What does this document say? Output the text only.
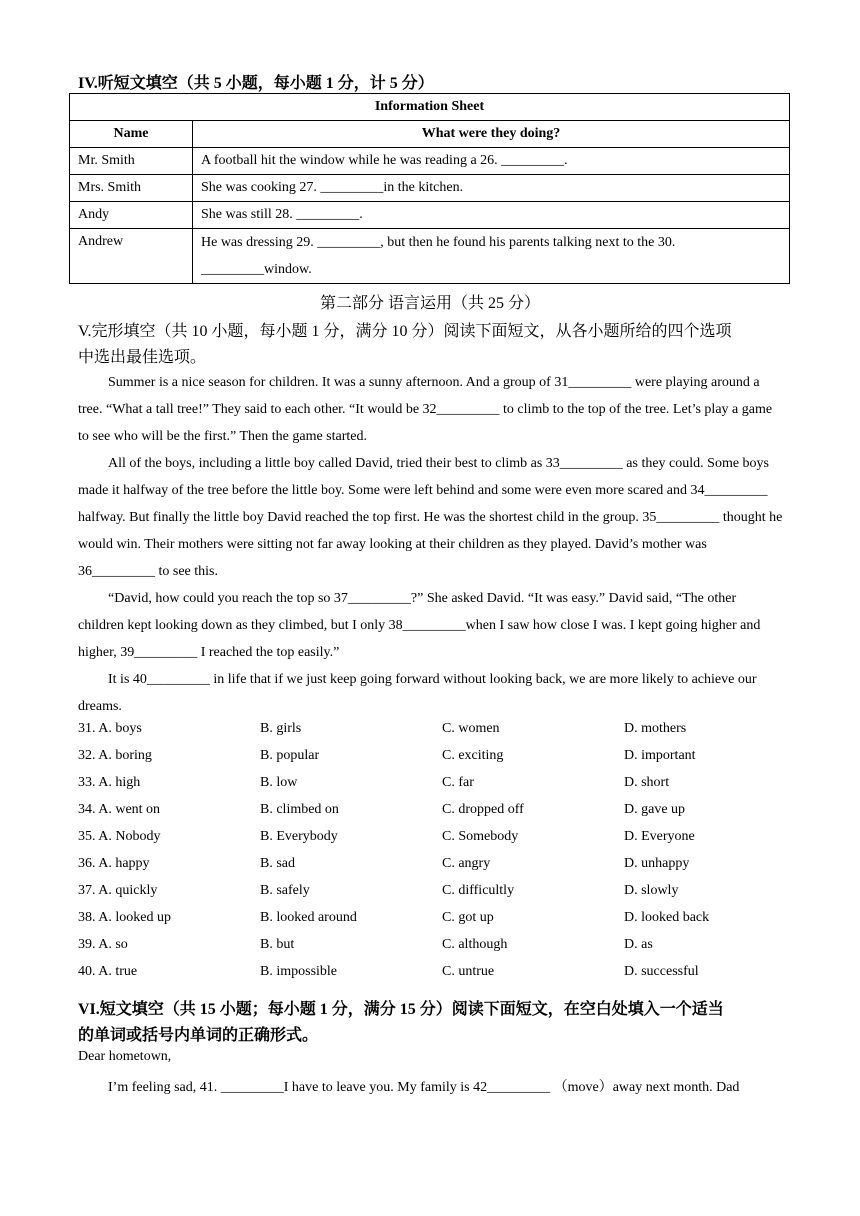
IV.听短文填空（共 5 小题，每小题 1 分，计 5 分）
Information Sheet	
Name	What were they doing?
Mr. Smith	A football hit the window while he was reading a 26. _________.
Mrs. Smith	She was cooking 27. _________in the kitchen.
Andy	She was still 28. _________.
Andrew	He was dressing 29. _________, but then he found his parents talking next to the 30.
_________window.
第二部分 语言运用（共 25 分）
V.完形填空（共 10 小题，每小题 1 分，满分 10 分）阅读下面短文，从各小题所给的四个选项
中选出最佳选项。

Summer is a nice season for children. It was a sunny afternoon. And a group of 31_________ were playing around a tree. “What a tall tree!” They said to each other. “It would be 32_________ to climb to the top of the tree. Let’s play a game to see who will be the first.” Then the game started.

All of the boys, including a little boy called David, tried their best to climb as 33_________ as they could. Some boys made it halfway of the tree before the little boy. Some were left behind and some were even more scared and 34_________ halfway. But finally the little boy David reached the top first. He was the shortest child in the group. 35_________ thought he would win. Their mothers were sitting not far away looking at their children as they played. David’s mother was 36_________ to see this.

“David, how could you reach the top so 37_________?” She asked David. “It was easy.” David said, “The other children kept looking down as they climbed, but I only 38_________when I saw how close I was. I kept going higher and higher, 39_________ I reached the top easily.”

It is 40_________ in life that if we just keep going forward without looking back, we are more likely to achieve our dreams.

31. A. boys	B. girls	C. women	D. mothers
32. A. boring	B. popular	C. exciting	D. important
33. A. high	B. low	C. far	D. short
34. A. went on	B. climbed on	C. dropped off	D. gave up
35. A. Nobody	B. Everybody	C. Somebody	D. Everyone
36. A. happy	B. sad	C. angry	D. unhappy
37. A. quickly	B. safely	C. difficultly	D. slowly
38. A. looked up	B. looked around	C. got up	D. looked back
39. A. so	B. but	C. although	D. as
40. A. true	B. impossible	C. untrue	D. successful
VI.短文填空（共 15 小题；每小题 1 分，满分 15 分）阅读下面短文，在空白处填入一个适当
的单词或括号内单词的正确形式。
Dear hometown,
I’m feeling sad, 41. _________I have to leave you. My family is 42_________ （move）away next month. Dad
